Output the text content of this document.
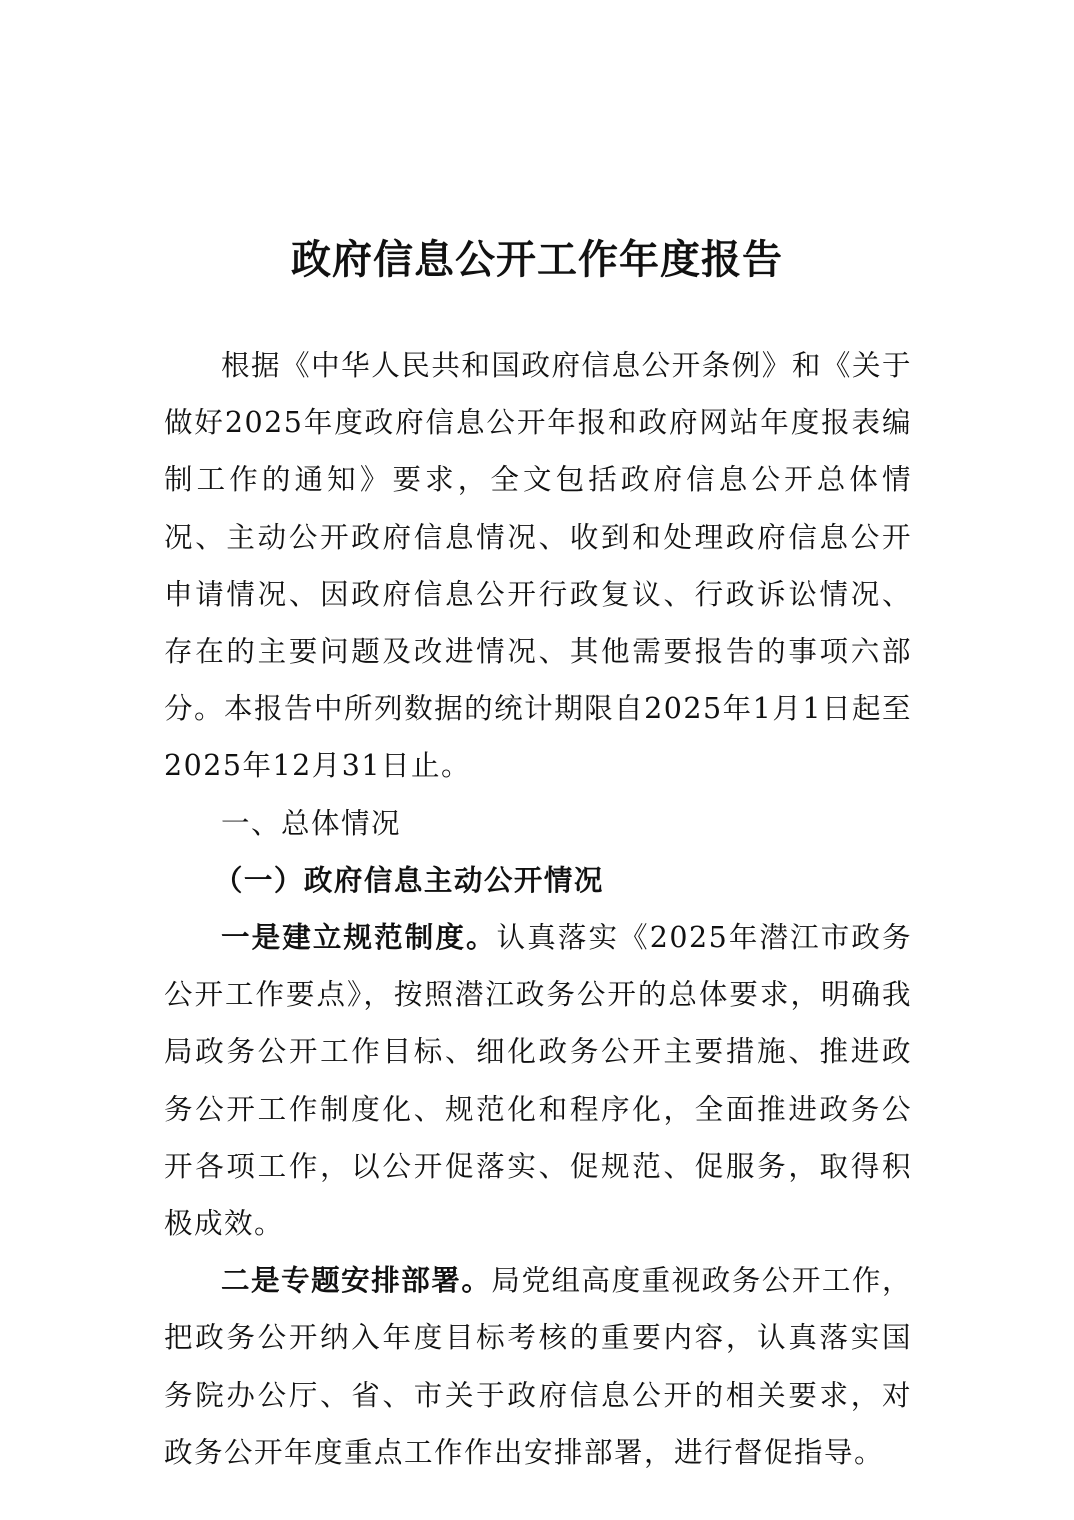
政府信息公开工作年度报告

根据《中华人民共和国政府信息公开条例》和《关于做好2025年度政府信息公开年报和政府网站年度报表编制工作的通知》要求，全文包括政府信息公开总体情况、主动公开政府信息情况、收到和处理政府信息公开申请情况、因政府信息公开行政复议、行政诉讼情况、存在的主要问题及改进情况、其他需要报告的事项六部分。本报告中所列数据的统计期限自2025年1月1日起至2025年12月31日止。

一、总体情况

（一）政府信息主动公开情况

一是建立规范制度。认真落实《2025年潜江市政务公开工作要点》，按照潜江政务公开的总体要求，明确我局政务公开工作目标、细化政务公开主要措施、推进政务公开工作制度化、规范化和程序化，全面推进政务公开各项工作，以公开促落实、促规范、促服务，取得积极成效。

二是专题安排部署。局党组高度重视政务公开工作，把政务公开纳入年度目标考核的重要内容，认真落实国务院办公厅、省、市关于政府信息公开的相关要求，对政务公开年度重点工作作出安排部署，进行督促指导。
